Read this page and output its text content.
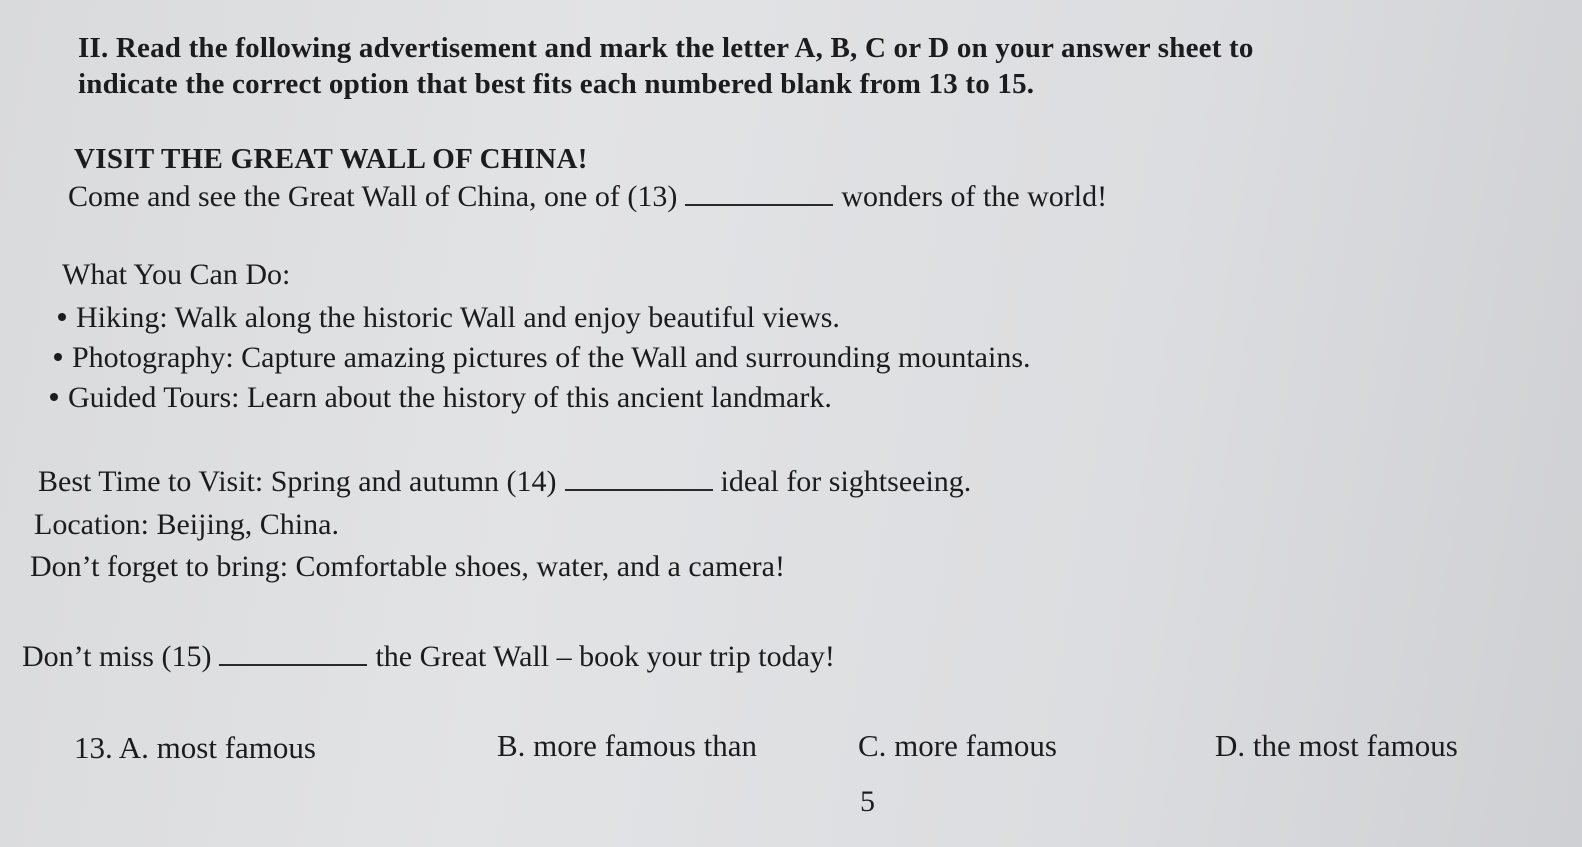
II. Read the following advertisement and mark the letter A, B, C or D on your answer sheet to
indicate the correct option that best fits each numbered blank from 13 to 15.
VISIT THE GREAT WALL OF CHINA!
Come and see the Great Wall of China, one of (13)	wonders of the world!
What You Can Do:
Hiking: Walk along the historic Wall and enjoy beautiful views.
Photography: Capture amazing pictures of the Wall and surrounding mountains.
Guided Tours: Learn about the history of this ancient landmark.
Best Time to Visit: Spring and autumn (14)	ideal for sightseeing.
Location: Beijing, China.
Don’t forget to bring: Comfortable shoes, water, and a camera!
Don’t miss (15)	the Great Wall – book your trip today!
13. A. most famous	B. more famous than	C. more famous	D. the most famous
5
